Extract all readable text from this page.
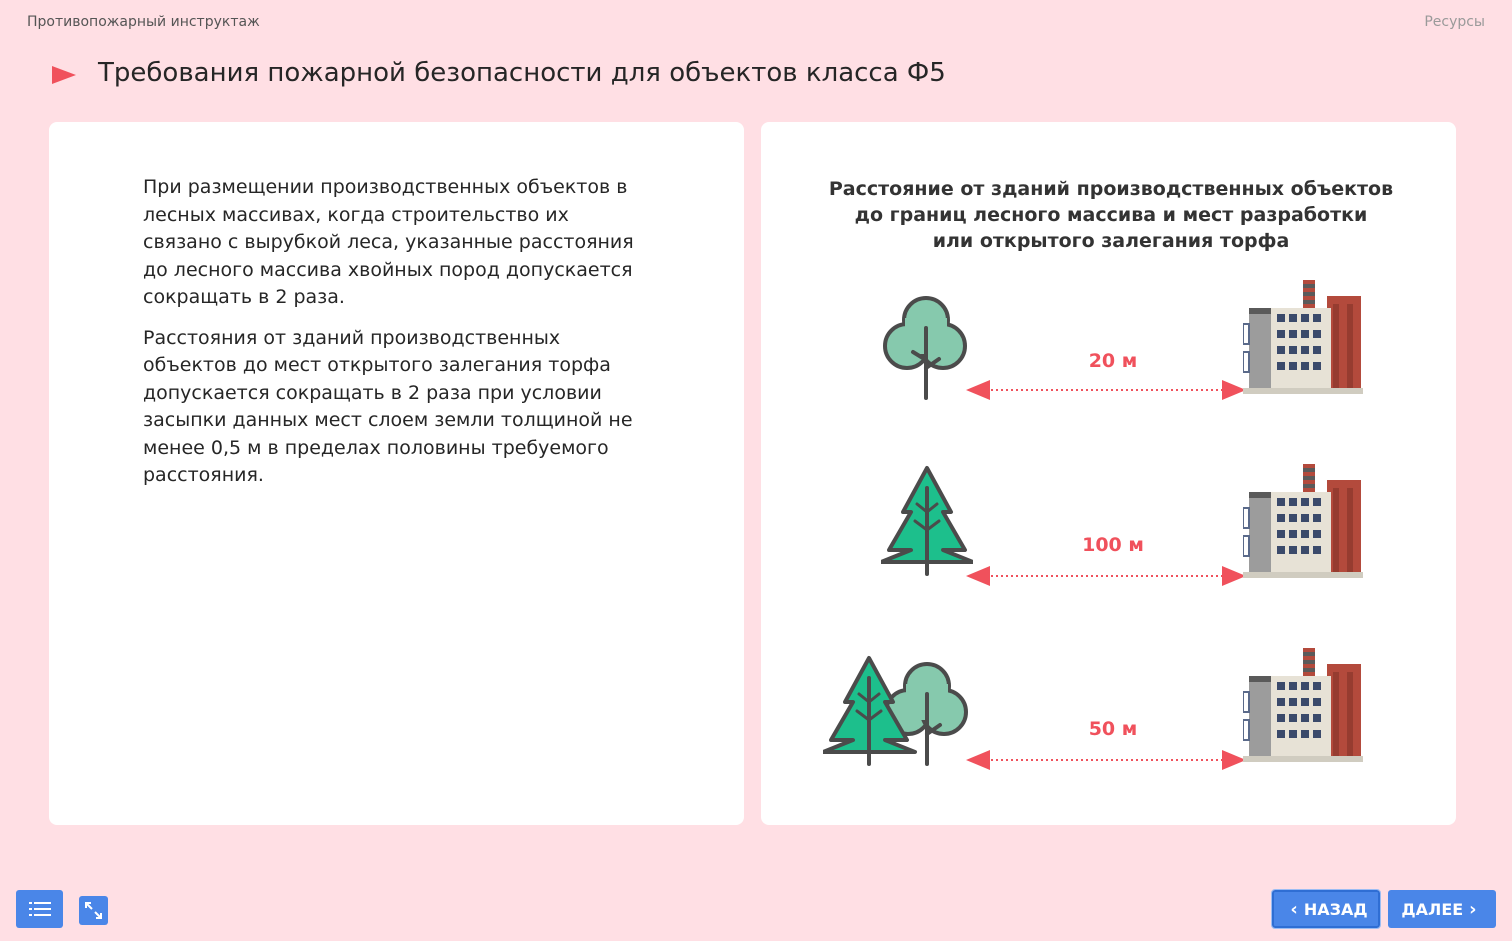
Противопожарный инструктаж	Ресурсы
Требования пожарной безопасности для объектов класса Ф5

При размещении производственных объектов в лесных массивах, когда строительство их связано с вырубкой леса, указанные расстояния до лесного массива хвойных пород допускается сокращать в 2 раза.

Расстояния от зданий производственных объектов до мест открытого залегания торфа допускается сокращать в 2 раза при условии засыпки данных мест слоем земли толщиной не менее 0,5 м в пределах половины требуемого расстояния.

Расстояние от зданий производственных объектов
до границ лесного массива и мест разработки
или открытого залегания торфа
20 м
100 м
50 м
‹ НАЗАД ДАЛЕЕ ›
